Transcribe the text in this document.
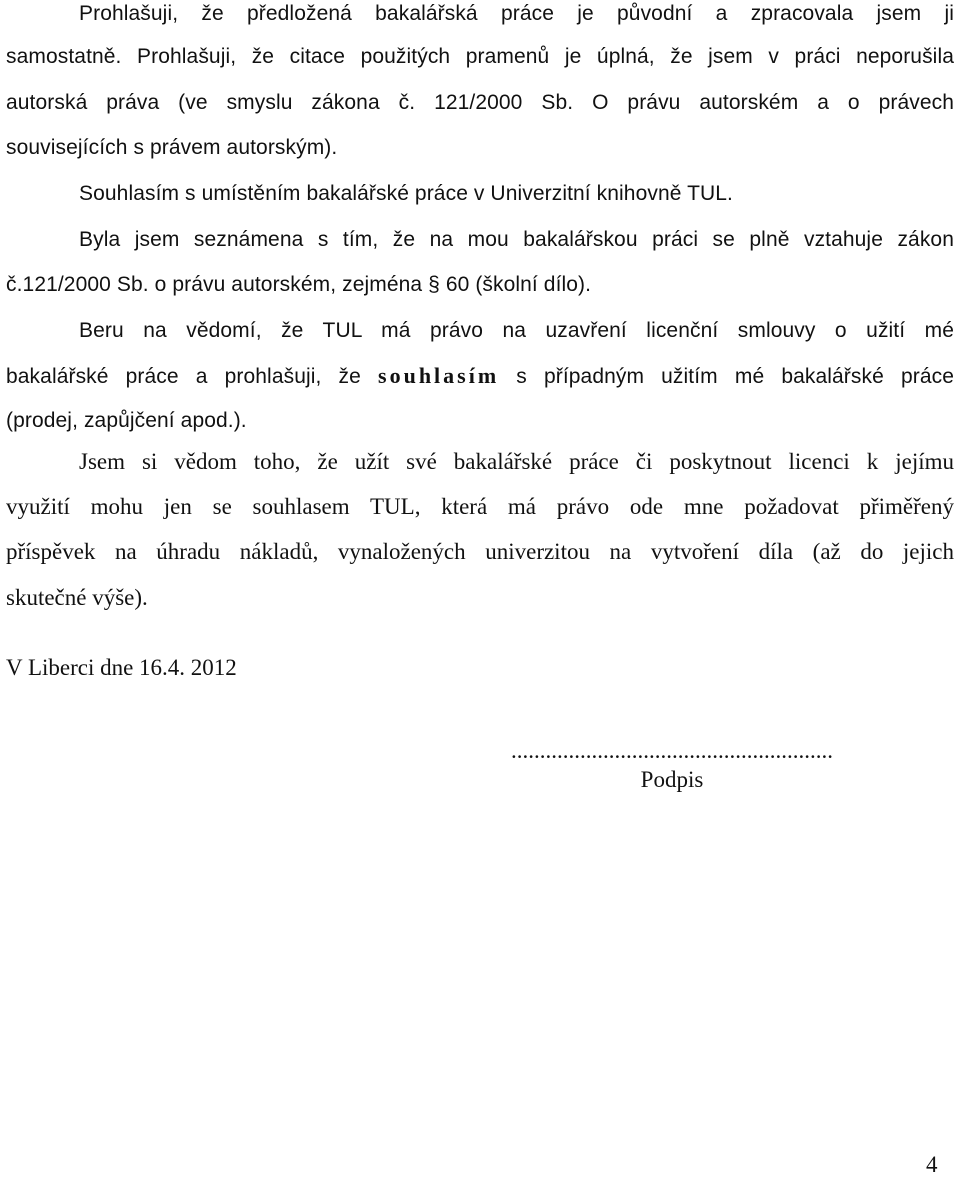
Prohlašuji, že předložená bakalářská práce je původní a zpracovala jsem ji
samostatně. Prohlašuji, že citace použitých pramenů je úplná, že jsem v práci neporušila
autorská práva (ve smyslu zákona č. 121/2000 Sb. O právu autorském a o právech
souvisejících s právem autorským).
Souhlasím s umístěním bakalářské práce v Univerzitní knihovně TUL.
Byla jsem seznámena s tím, že na mou bakalářskou práci se plně vztahuje zákon
č.121/2000 Sb. o právu autorském, zejména § 60 (školní dílo).
Beru na vědomí, že TUL má právo na uzavření licenční smlouvy o užití mé
bakalářské práce a prohlašuji, že souhlasím s případným užitím mé bakalářské práce
(prodej, zapůjčení apod.).
Jsem si vědom toho, že užít své bakalářské práce či poskytnout licenci k jejímu
využití mohu jen se souhlasem TUL, která má právo ode mne požadovat přiměřený
příspěvek na úhradu nákladů, vynaložených univerzitou na vytvoření díla (až do jejich
skutečné výše).
V Liberci dne 16.4. 2012
........................................................
Podpis
4
